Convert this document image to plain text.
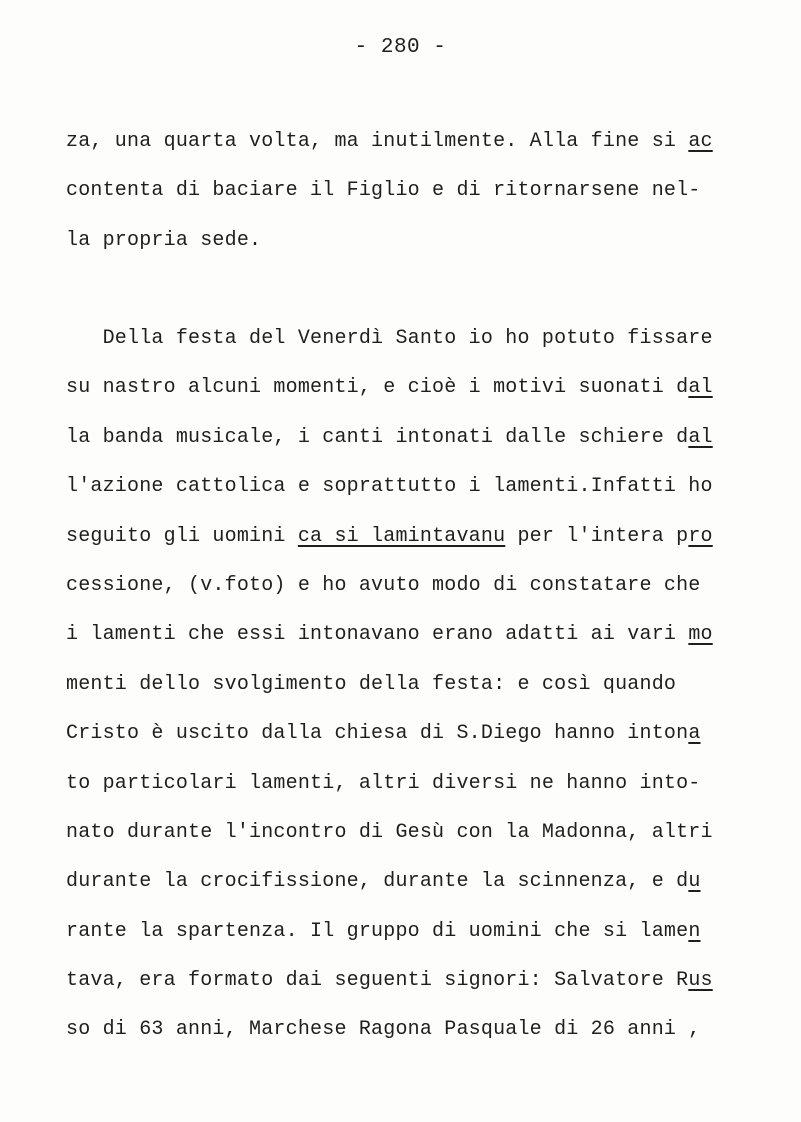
- 280 -
za, una quarta volta, ma inutilmente. Alla fine si ac
contenta di baciare il Figlio e di ritornarsene nel-
la propria sede.
Della festa del Venerdì Santo io ho potuto fissare
su nastro alcuni momenti, e cioè i motivi suonati dal
la banda musicale, i canti intonati dalle schiere dal
l'azione cattolica e soprattutto i lamenti.Infatti ho
seguito gli uomini ca si lamintavanu per l'intera pro
cessione, (v.foto) e ho avuto modo di constatare che
i lamenti che essi intonavano erano adatti ai vari mo
menti dello svolgimento della festa: e così quando
Cristo è uscito dalla chiesa di S.Diego hanno intona
to particolari lamenti, altri diversi ne hanno into-
nato durante l'incontro di Gesù con la Madonna, altri
durante la crocifissione, durante la scinnenza, e du
rante la spartenza. Il gruppo di uomini che si lamen
tava, era formato dai seguenti signori: Salvatore Rus
so di 63 anni, Marchese Ragona Pasquale di 26 anni ,
